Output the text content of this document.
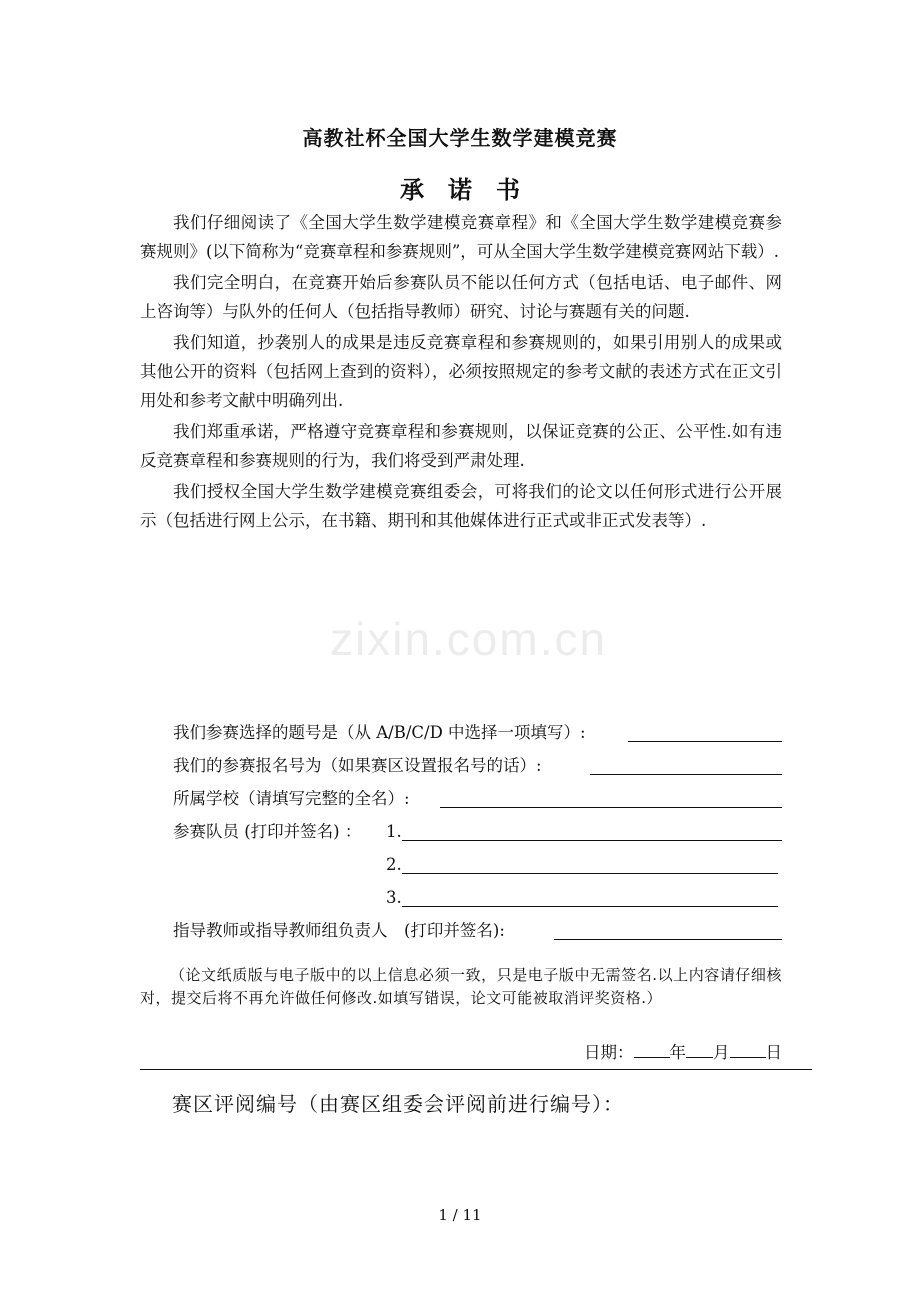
高教社杯全国大学生数学建模竞赛
承　诺　书

我们仔细阅读了《全国大学生数学建模竞赛章程》和《全国大学生数学建模竞赛参赛规则》(以下简称为“竞赛章程和参赛规则”，可从全国大学生数学建模竞赛网站下载）.

我们完全明白，在竞赛开始后参赛队员不能以任何方式（包括电话、电子邮件、网上咨询等）与队外的任何人（包括指导教师）研究、讨论与赛题有关的问题.

我们知道，抄袭别人的成果是违反竞赛章程和参赛规则的，如果引用别人的成果或其他公开的资料（包括网上查到的资料），必须按照规定的参考文献的表述方式在正文引用处和参考文献中明确列出.

我们郑重承诺，严格遵守竞赛章程和参赛规则，以保证竞赛的公正、公平性.如有违反竞赛章程和参赛规则的行为，我们将受到严肃处理.

我们授权全国大学生数学建模竞赛组委会，可将我们的论文以任何形式进行公开展示（包括进行网上公示，在书籍、期刊和其他媒体进行正式或非正式发表等）.

zixin.com.cn
我们参赛选择的题号是（从 A/B/C/D 中选择一项填写）:
我们的参赛报名号为（如果赛区设置报名号的话）:
所属学校（请填写完整的全名）:
参赛队员 (打印并签名) ： 1.
2.
3.
指导教师或指导教师组负责人　(打印并签名):
（论文纸质版与电子版中的以上信息必须一致，只是电子版中无需签名.以上内容请仔细核对，提交后将不再允许做任何修改.如填写错误，论文可能被取消评奖资格.）
日期： 年 月 日
赛区评阅编号（由赛区组委会评阅前进行编号）：
1 / 11
